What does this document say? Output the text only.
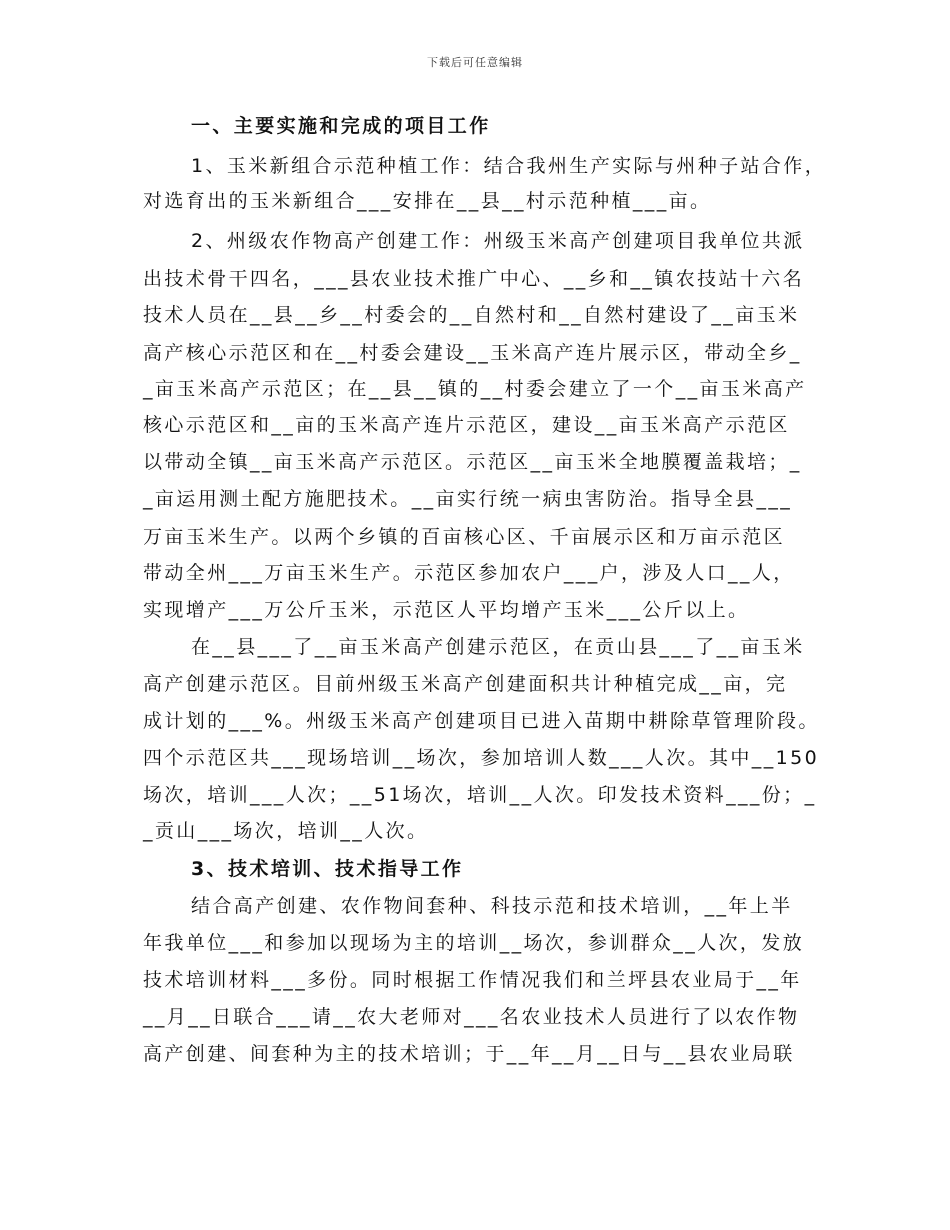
下载后可任意编辑
一、主要实施和完成的项目工作
1、玉米新组合示范种植工作：结合我州生产实际与州种子站合作，
对选育出的玉米新组合___安排在__县__村示范种植___亩。
2、州级农作物高产创建工作：州级玉米高产创建项目我单位共派
出技术骨干四名，___县农业技术推广中心、__乡和__镇农技站十六名
技术人员在__县__乡__村委会的__自然村和__自然村建设了__亩玉米
高产核心示范区和在__村委会建设__玉米高产连片展示区，带动全乡_
_亩玉米高产示范区；在__县__镇的__村委会建立了一个__亩玉米高产
核心示范区和__亩的玉米高产连片示范区，建设__亩玉米高产示范区
以带动全镇__亩玉米高产示范区。示范区__亩玉米全地膜覆盖栽培；_
_亩运用测土配方施肥技术。__亩实行统一病虫害防治。指导全县___
万亩玉米生产。以两个乡镇的百亩核心区、千亩展示区和万亩示范区
带动全州___万亩玉米生产。示范区参加农户___户，涉及人口__人，
实现增产___万公斤玉米，示范区人平均增产玉米___公斤以上。
在__县___了__亩玉米高产创建示范区，在贡山县___了__亩玉米
高产创建示范区。目前州级玉米高产创建面积共计种植完成__亩，完
成计划的___%。州级玉米高产创建项目已进入苗期中耕除草管理阶段。
四个示范区共___现场培训__场次，参加培训人数___人次。其中__150
场次，培训___人次；__51场次，培训__人次。印发技术资料___份；_
_贡山___场次，培训__人次。
3、技术培训、技术指导工作
结合高产创建、农作物间套种、科技示范和技术培训，__年上半
年我单位___和参加以现场为主的培训__场次，参训群众__人次，发放
技术培训材料___多份。同时根据工作情况我们和兰坪县农业局于__年
__月__日联合___请__农大老师对___名农业技术人员进行了以农作物
高产创建、间套种为主的技术培训；于__年__月__日与__县农业局联
